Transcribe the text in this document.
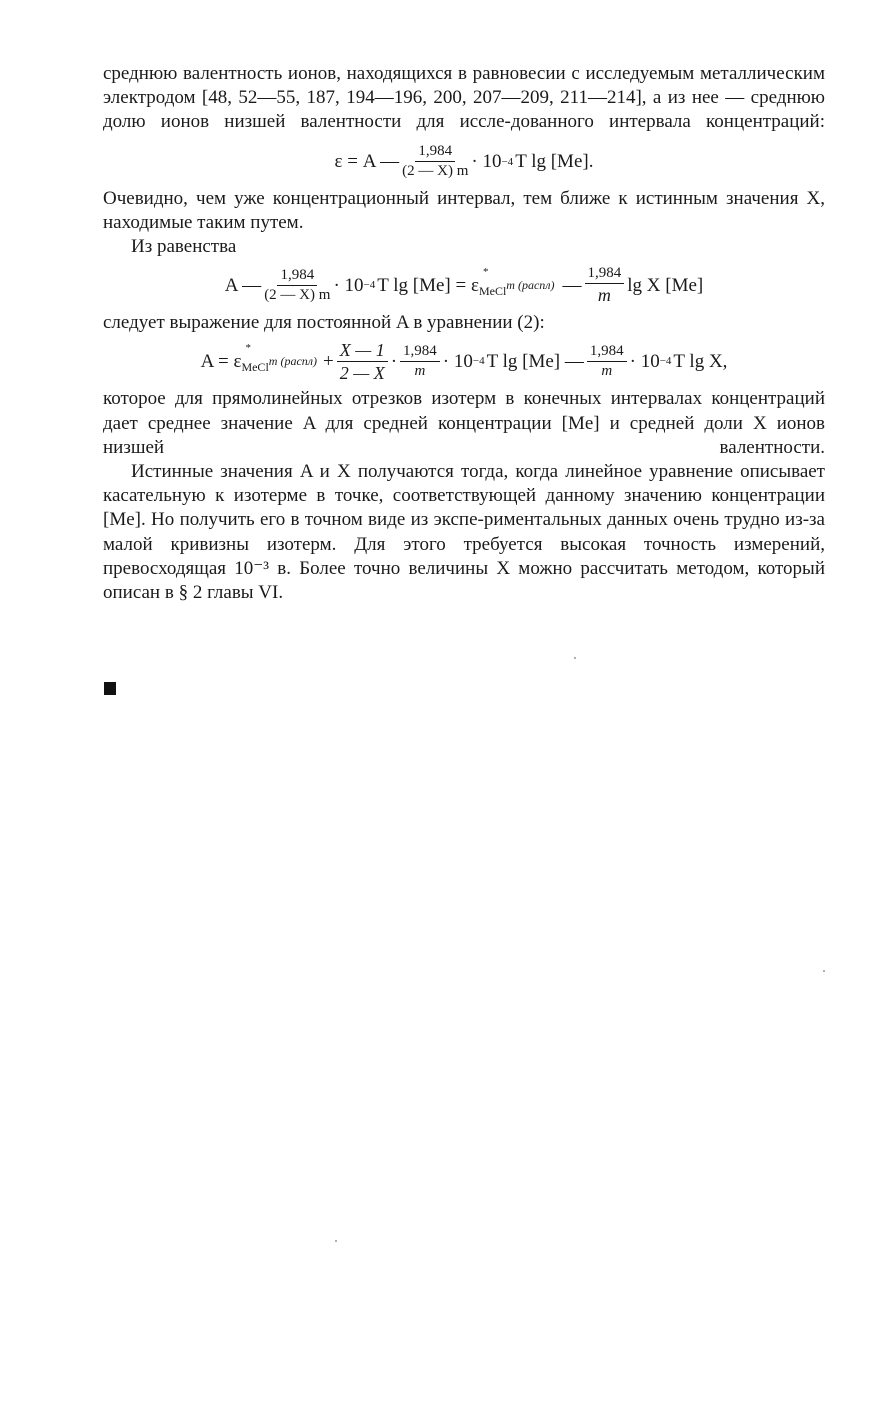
среднюю валентность ионов, находящихся в равновесии с исследуемым металлическим электродом [48, 52—55, 187, 194—196, 200, 207—209, 211—214], а из нее — среднюю долю ионов низшей валентности для иссле-дованного интервала концентраций:

ε = A — $\frac{1,984}{(2 — X) m} \cdot 10 -4$ T lg [Me].

Очевидно, чем уже концентрационный интервал, тем ближе к истинным значения X, находимые таким путем.

Из равенства

A — $\frac{1,984}{(2 — X) m} \cdot 10 -4$ T lg [Me] = ε
*
$_{MeCl}$ m (распл) — $\frac{1,984}{m}$ lg X [Me]

следует выражение для постоянной A в уравнении (2):

A = ε
*
$_{MeCl}$ m (распл) + $\frac{X — 1}{2 — X} \cdot \frac{1,984}{m} \cdot 10 -4$ T lg [Me] — $\frac{1,984}{m} \cdot 10 -4$ T lg X,

которое для прямолинейных отрезков изотерм в конечных интервалах концентраций дает среднее значение A для средней концентрации [Me] и средней доли X ионов низшей валентности.

Истинные значения A и X получаются тогда, когда линейное уравнение описывает касательную к изотерме в точке, соответствующей данному значению концентрации [Me]. Но получить его в точном виде из экспе-риментальных данных очень трудно из-за малой кривизны изотерм. Для этого требуется высокая точность измерений, превосходящая 10⁻³ в. Более точно величины X можно рассчитать методом, который описан в § 2 главы VI.
